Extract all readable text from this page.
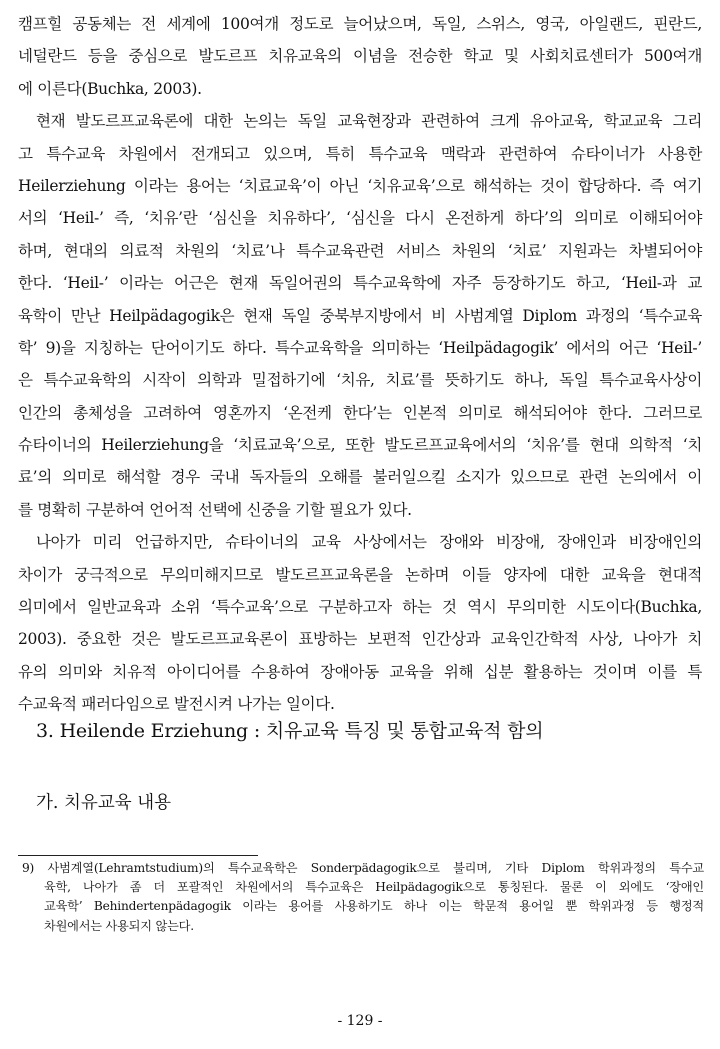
캠프힐 공동체는 전 세계에 100여개 정도로 늘어났으며, 독일, 스위스, 영국, 아일랜드, 핀란드,
네덜란드 등을 중심으로 발도르프 치유교육의 이념을 전승한 학교 및 사회치료센터가 500여개
에 이른다(Buchka, 2003).
현재 발도르프교육론에 대한 논의는 독일 교육현장과 관련하여 크게 유아교육, 학교교육 그리
고 특수교육 차원에서 전개되고 있으며, 특히 특수교육 맥락과 관련하여 슈타이너가 사용한
Heilerziehung 이라는 용어는 ‘치료교육’이 아닌 ‘치유교육’으로 해석하는 것이 합당하다. 즉 여기
서의 ‘Heil-’ 즉, ‘치유’란 ‘심신을 치유하다’, ‘심신을 다시 온전하게 하다’의 의미로 이해되어야
하며, 현대의 의료적 차원의 ‘치료’나 특수교육관련 서비스 차원의 ‘치료’ 지원과는 차별되어야
한다. ‘Heil-’ 이라는 어근은 현재 독일어권의 특수교육학에 자주 등장하기도 하고, ‘Heil-과 교
육학이 만난 Heilpädagogik은 현재 독일 중북부지방에서 비 사범계열 Diplom 과정의 ‘특수교육
학’ 9)을 지칭하는 단어이기도 하다. 특수교육학을 의미하는 ‘Heilpädagogik’ 에서의 어근 ‘Heil-’
은 특수교육학의 시작이 의학과 밀접하기에 ‘치유, 치료’를 뜻하기도 하나, 독일 특수교육사상이
인간의 총체성을 고려하여 영혼까지 ‘온전케 한다’는 인본적 의미로 해석되어야 한다. 그러므로
슈타이너의 Heilerziehung을 ‘치료교육’으로, 또한 발도르프교육에서의 ‘치유’를 현대 의학적 ‘치
료’의 의미로 해석할 경우 국내 독자들의 오해를 불러일으킬 소지가 있으므로 관련 논의에서 이
를 명확히 구분하여 언어적 선택에 신중을 기할 필요가 있다.
나아가 미리 언급하지만, 슈타이너의 교육 사상에서는 장애와 비장애, 장애인과 비장애인의
차이가 궁극적으로 무의미해지므로 발도르프교육론을 논하며 이들 양자에 대한 교육을 현대적
의미에서 일반교육과 소위 ‘특수교육’으로 구분하고자 하는 것 역시 무의미한 시도이다(Buchka,
2003). 중요한 것은 발도르프교육론이 표방하는 보편적 인간상과 교육인간학적 사상, 나아가 치
유의 의미와 치유적 아이디어를 수용하여 장애아동 교육을 위해 십분 활용하는 것이며 이를 특
수교육적 패러다임으로 발전시켜 나가는 일이다.
3. Heilende Erziehung : 치유교육 특징 및 통합교육적 함의
가. 치유교육 내용
9) 사범계열(Lehramtstudium)의 특수교육학은 Sonderpädagogik으로 불리며, 기타 Diplom 학위과정의 특수교
육학, 나아가 좀 더 포괄적인 차원에서의 특수교육은 Heilpädagogik으로 통칭된다. 물론 이 외에도 ‘장애인
교육학’ Behindertenpädagogik 이라는 용어를 사용하기도 하나 이는 학문적 용어일 뿐 학위과정 등 행정적
차원에서는 사용되지 않는다.
- 129 -
